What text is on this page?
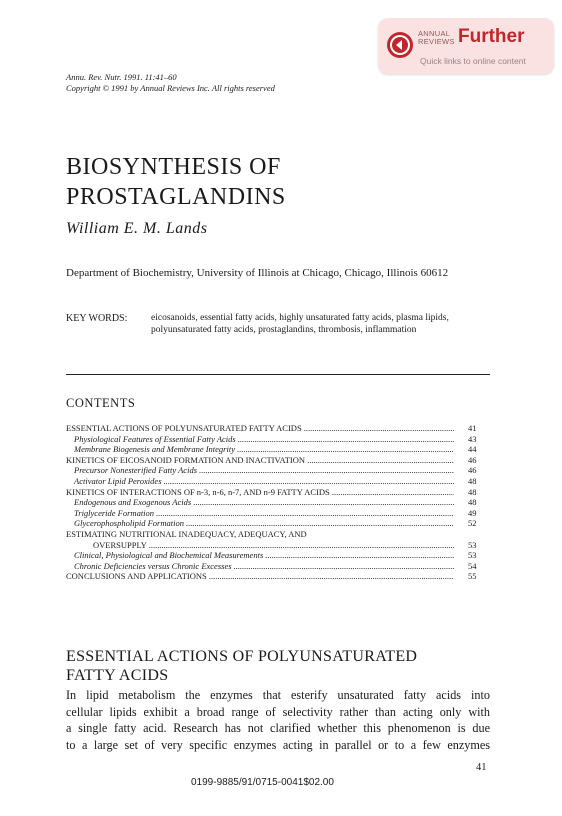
ANNUAL
REVIEWS Further
Quick links to online content
Annu. Rev. Nutr. 1991. 11:41–60
Copyright © 1991 by Annual Reviews Inc. All rights reserved
BIOSYNTHESIS OF
PROSTAGLANDINS
William E. M. Lands
Department of Biochemistry, University of Illinois at Chicago, Chicago, Illinois 60612
KEY WORDS: eicosanoids, essential fatty acids, highly unsaturated fatty acids, plasma lipids, polyunsaturated fatty acids, prostaglandins, thrombosis, inflammation
CONTENTS
ESSENTIAL ACTIONS OF POLYUNSATURATED FATTY ACIDS .....	41
Physiological Features of Essential Fatty Acids .....	43
Membrane Biogenesis and Membrane Integrity .....	44
KINETICS OF EICOSANOID FORMATION AND INACTIVATION .....	46
Precursor Nonesterified Fatty Acids .....	46
Activator Lipid Peroxides .....	48
KINETICS OF INTERACTIONS OF n-3, n-6, n-7, AND n-9 FATTY ACIDS .....	48
Endogenous and Exogenous Acids .....	48
Triglyceride Formation .....	49
Glycerophospholipid Formation .....	52
ESTIMATING NUTRITIONAL INADEQUACY, ADEQUACY, AND
OVERSUPPLY .....	53
Clinical, Physiological and Biochemical Measurements .....	53
Chronic Deficiencies versus Chronic Excesses .....	54
CONCLUSIONS AND APPLICATIONS .....	55
ESSENTIAL ACTIONS OF POLYUNSATURATED
FATTY ACIDS
In lipid metabolism the enzymes that esterify unsaturated fatty acids into
cellular lipids exhibit a broad range of selectivity rather than acting only with
a single fatty acid. Research has not clarified whether this phenomenon is due
to a large set of very specific enzymes acting in parallel or to a few enzymes
41
0199-9885/91/0715-0041$02.00
